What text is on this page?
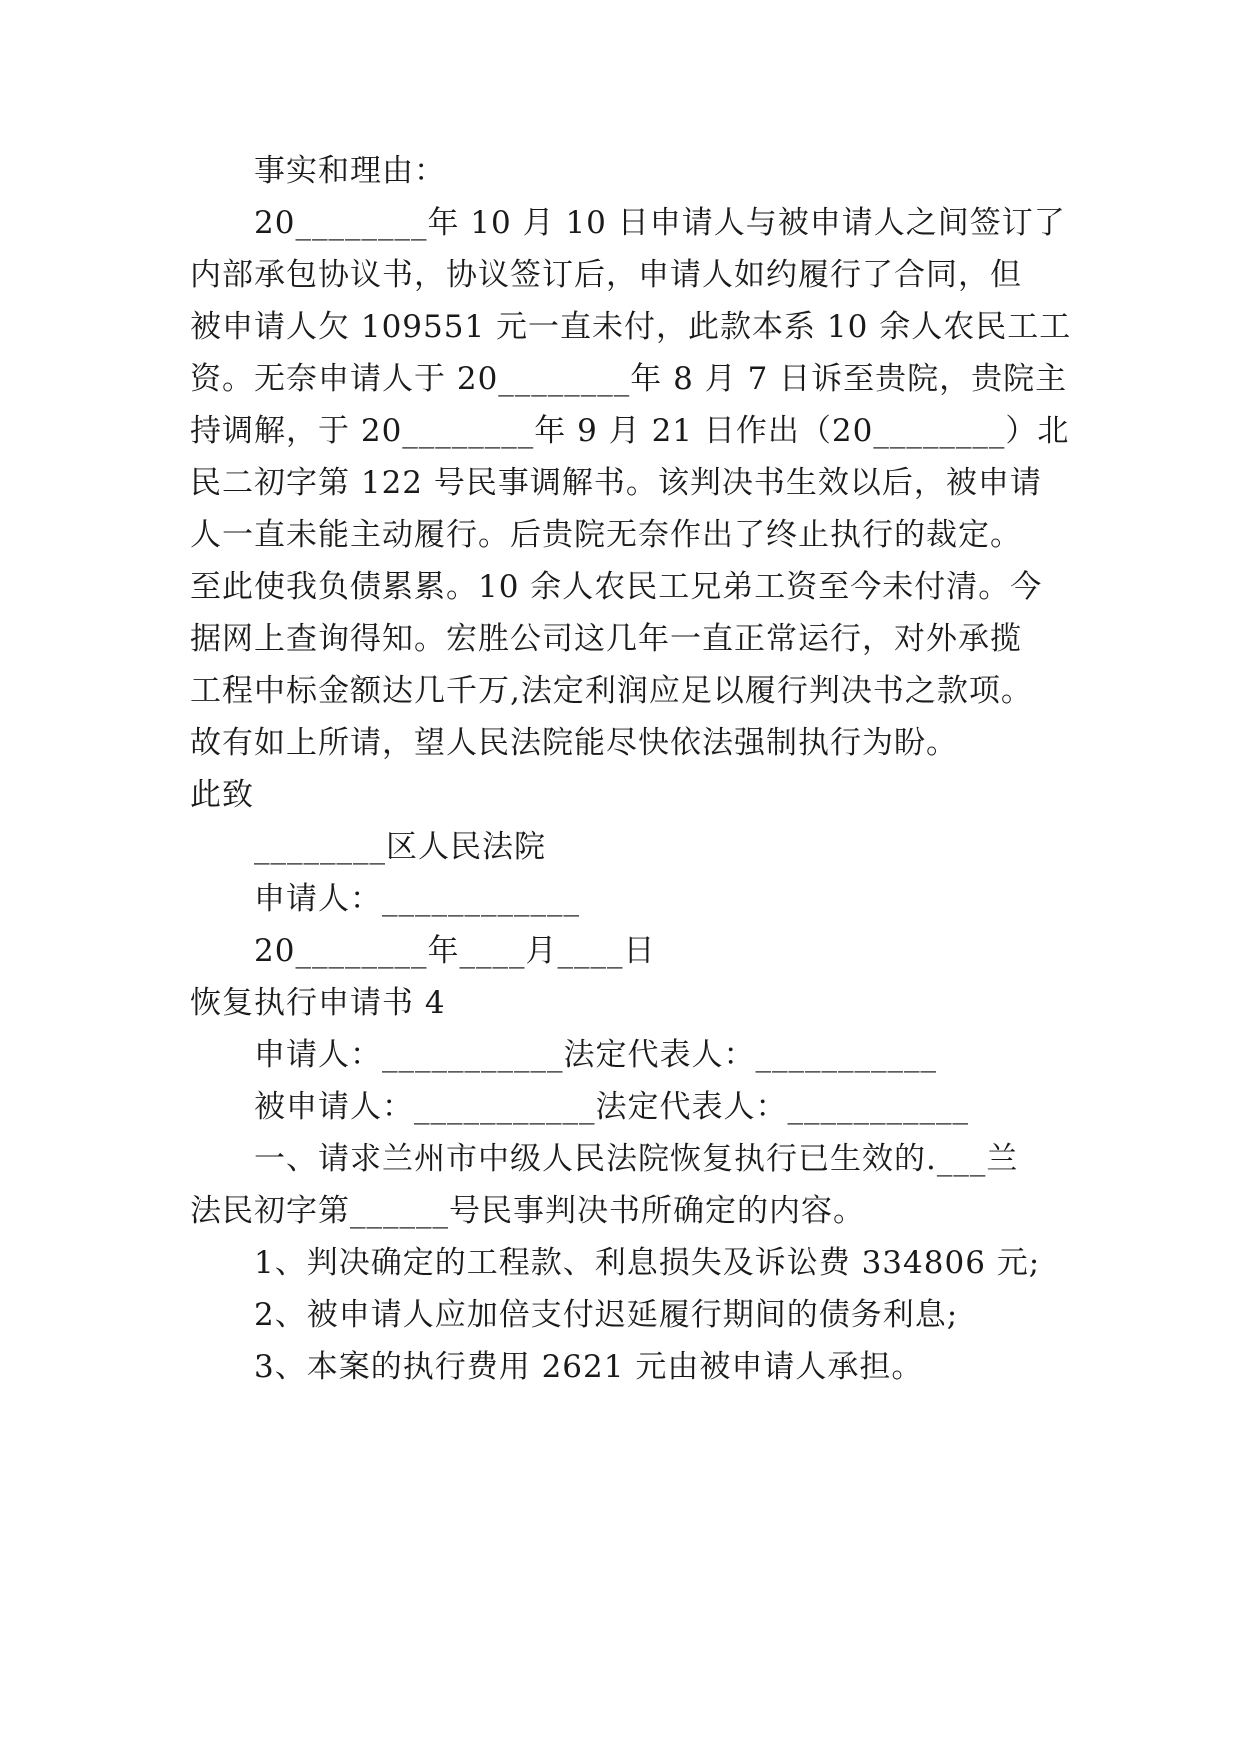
事实和理由：
20________年 10 月 10 日申请人与被申请人之间签订了
内部承包协议书，协议签订后，申请人如约履行了合同，但
被申请人欠 109551 元一直未付，此款本系 10 余人农民工工
资。无奈申请人于 20________年 8 月 7 日诉至贵院，贵院主
持调解，于 20________年 9 月 21 日作出（20________）北
民二初字第 122 号民事调解书。该判决书生效以后，被申请
人一直未能主动履行。后贵院无奈作出了终止执行的裁定。
至此使我负债累累。10 余人农民工兄弟工资至今未付清。今
据网上查询得知。宏胜公司这几年一直正常运行，对外承揽
工程中标金额达几千万,法定利润应足以履行判决书之款项。
故有如上所请，望人民法院能尽快依法强制执行为盼。
此致
________区人民法院
申请人：____________
20________年____月____日
恢复执行申请书 4
申请人：___________法定代表人：___________
被申请人：___________法定代表人：___________
一、请求兰州市中级人民法院恢复执行已生效的.___兰
法民初字第______号民事判决书所确定的内容。
1、判决确定的工程款、利息损失及诉讼费 334806 元;
2、被申请人应加倍支付迟延履行期间的债务利息;
3、本案的执行费用 2621 元由被申请人承担。
